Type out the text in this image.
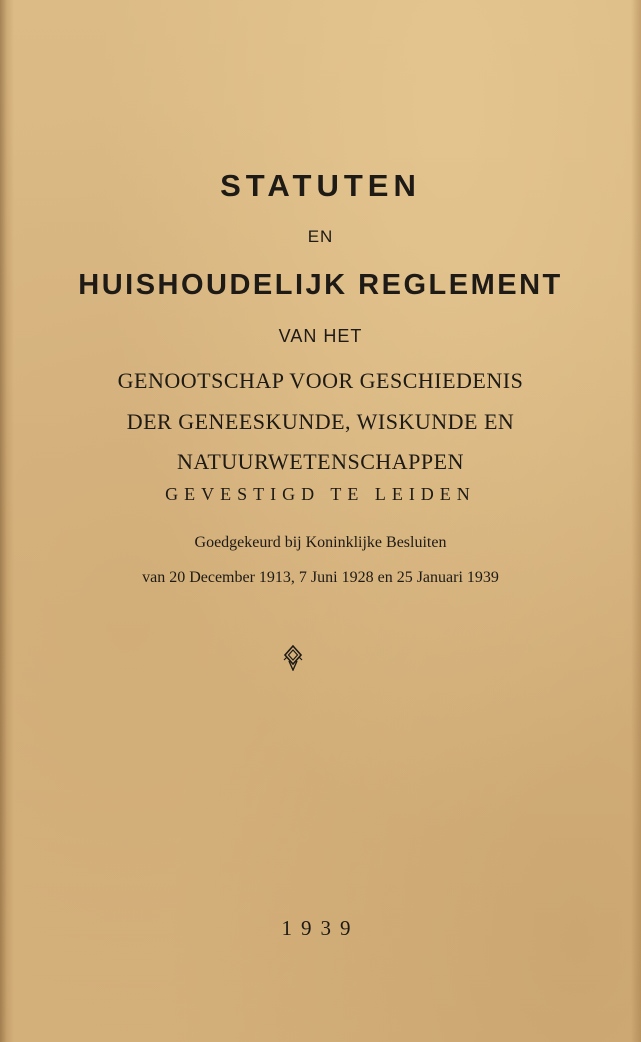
STATUTEN
EN
HUISHOUDELIJK REGLEMENT
VAN HET
GENOOTSCHAP VOOR GESCHIEDENIS
DER GENEESKUNDE, WISKUNDE EN
NATUURWETENSCHAPPEN
GEVESTIGD TE LEIDEN
Goedgekeurd bij Koninklijke Besluiten
van 20 December 1913, 7 Juni 1928 en 25 Januari 1939
1939
